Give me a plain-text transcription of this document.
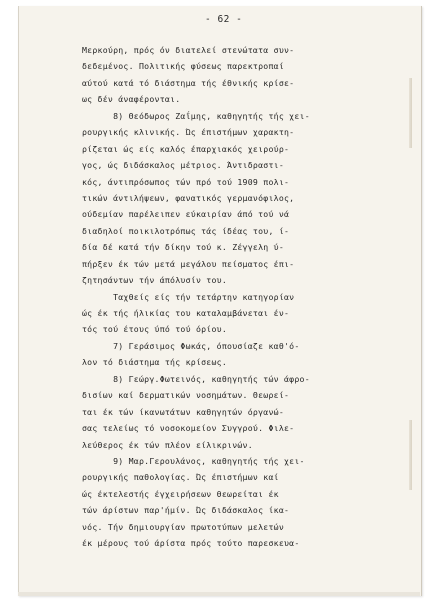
- 62 -
Μερκούρη, πρός όν διατελεί στενώτατα συν-
δεδεμένος. Πολιτικής φύσεως παρεκτροπαί
αύτού κατά τό διάστημα τής έθνικής κρίσε-
ως δέν άναφέρονται.
8) Θεόδωρος Ζαΐμης, καθηγητής τής χει-
ρουργικής κλινικής. Ώς έπιστήμων χαρακτη-
ρίζεται ώς είς καλός έπαρχιακός χειρούρ-
γος, ώς διδάσκαλος μέτριος. Άντιδραστι-
κός, άντιπρόσωπος τών πρό τού 1909 πολι-
τικών άντιλήψεων, φανατικός γερμανόφιλος,
ούδεμίαν παρέλειπεν εύκαιρίαν άπό τού νά
διαδηλοί ποικιλοτρόπως τάς ίδέας του, ί-
δία δέ κατά τήν δίκην τού κ. Ζέγγελη ύ-
πήρξεν έκ τών μετά μεγάλου πείσματος έπι-
ζητησάντων τήν άπόλυσίν του.
Ταχθείς είς τήν τετάρτην κατηγορίαν
ώς έκ τής ήλικίας του καταλαμβάνεται έν-
τός τού έτους ύπό τού όρίου.
7) Γεράσιμος Φωκάς, όπουσίαζε καθ'ό-
λον τό διάστημα τής κρίσεως.
8) Γεώργ.Φωτεινός, καθηγητής τών άφρο-
δισίων καί δερματικών νοσημάτων. Θεωρεί-
ται έκ τών ίκανωτάτων καθηγητών όργανώ-
σας τελείως τό νοσοκομείον Συγγρού. Φιλε-
λεύθερος έκ τών πλέον είλικρινών.
9) Μαρ.Γερουλάνος, καθηγητής τής χει-
ρουργικής παθολογίας. Ώς έπιστήμων καί
ώς έκτελεστής έγχειρήσεων θεωρείται έκ
τών άρίστων παρ'ήμίν. Ώς διδάσκαλος ίκα-
νός. Τήν δημιουργίαν πρωτοτύπων μελετών
έκ μέρους τού άρίστα πρός τούτο παρεσκευα-
